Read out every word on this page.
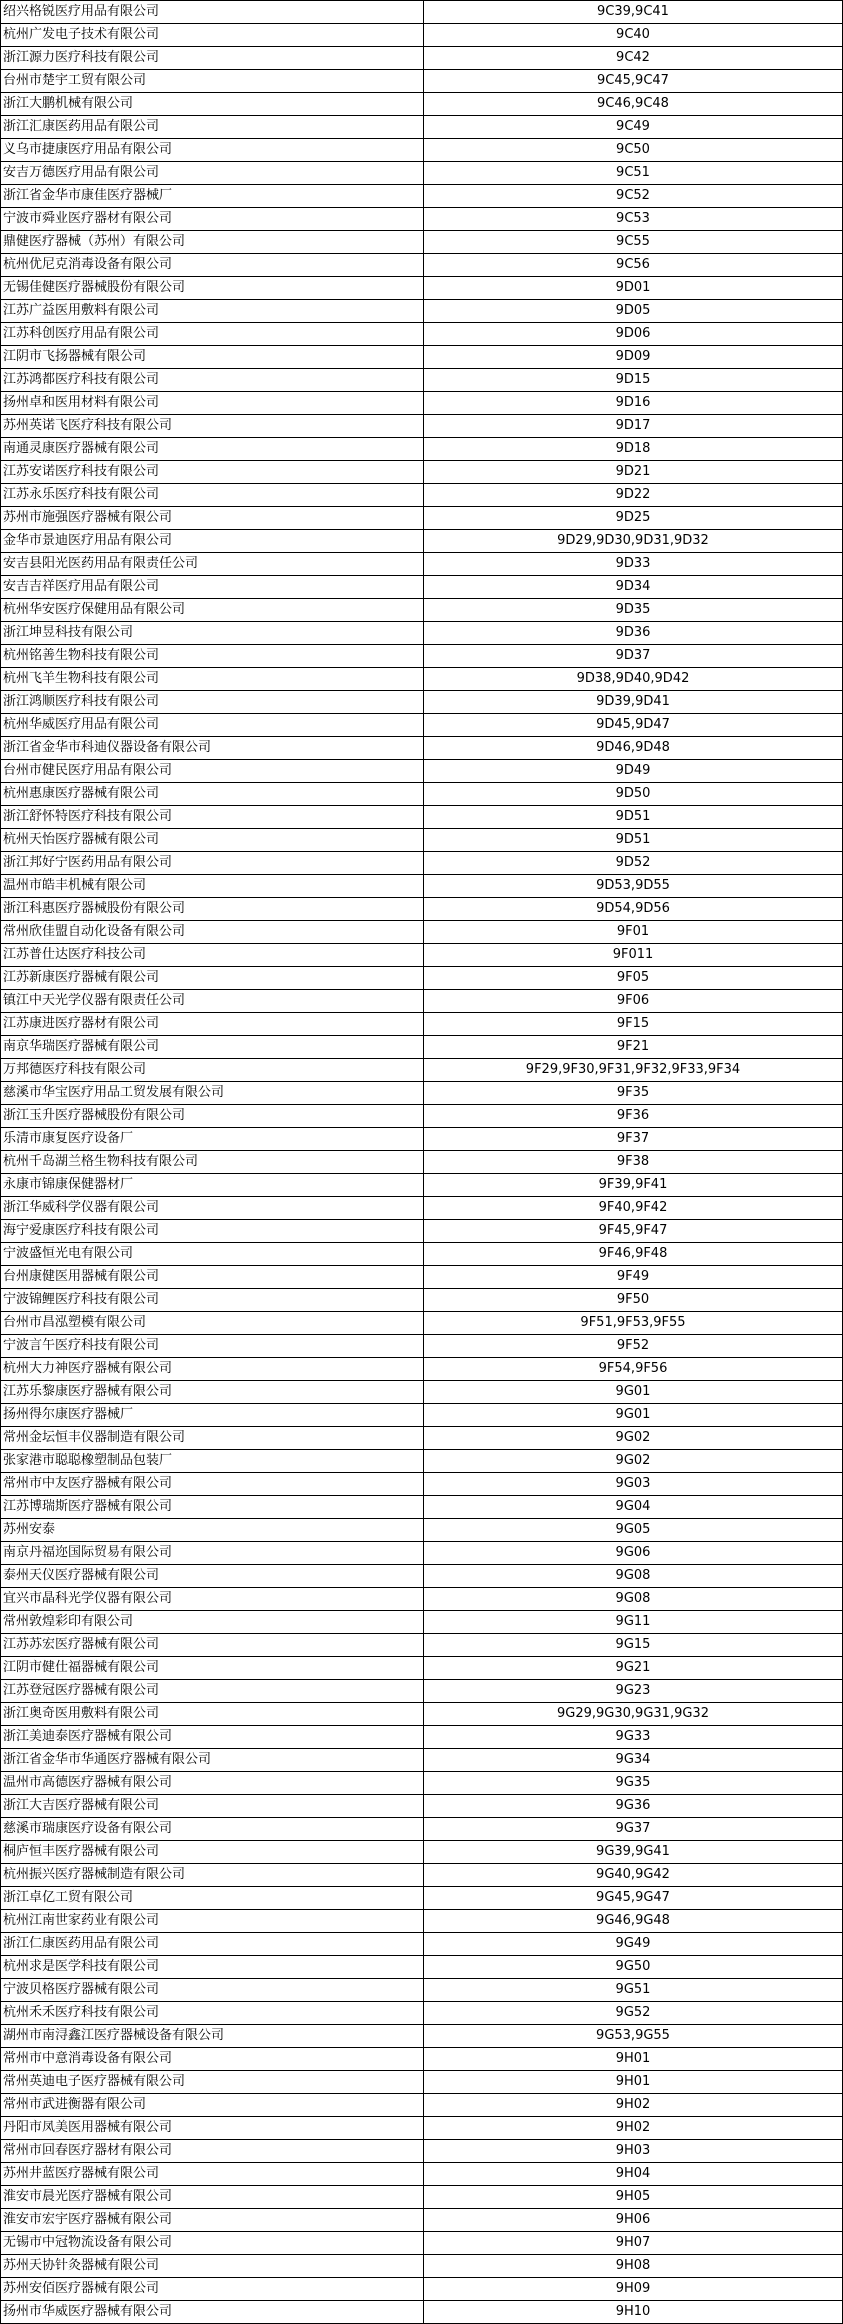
绍兴格锐医疗用品有限公司	9C39,9C41
杭州广发电子技术有限公司	9C40
浙江源力医疗科技有限公司	9C42
台州市楚宇工贸有限公司	9C45,9C47
浙江大鹏机械有限公司	9C46,9C48
浙江汇康医药用品有限公司	9C49
义乌市捷康医疗用品有限公司	9C50
安吉万德医疗用品有限公司	9C51
浙江省金华市康佳医疗器械厂	9C52
宁波市舜业医疗器材有限公司	9C53
鼎健医疗器械（苏州）有限公司	9C55
杭州优尼克消毒设备有限公司	9C56
无锡佳健医疗器械股份有限公司	9D01
江苏广益医用敷料有限公司	9D05
江苏科创医疗用品有限公司	9D06
江阴市飞扬器械有限公司	9D09
江苏鸿都医疗科技有限公司	9D15
扬州卓和医用材料有限公司	9D16
苏州英诺飞医疗科技有限公司	9D17
南通灵康医疗器械有限公司	9D18
江苏安诺医疗科技有限公司	9D21
江苏永乐医疗科技有限公司	9D22
苏州市施强医疗器械有限公司	9D25
金华市景迪医疗用品有限公司	9D29,9D30,9D31,9D32
安吉县阳光医药用品有限责任公司	9D33
安吉吉祥医疗用品有限公司	9D34
杭州华安医疗保健用品有限公司	9D35
浙江坤昱科技有限公司	9D36
杭州铭善生物科技有限公司	9D37
杭州飞羊生物科技有限公司	9D38,9D40,9D42
浙江鸿顺医疗科技有限公司	9D39,9D41
杭州华威医疗用品有限公司	9D45,9D47
浙江省金华市科迪仪器设备有限公司	9D46,9D48
台州市健民医疗用品有限公司	9D49
杭州惠康医疗器械有限公司	9D50
浙江舒怀特医疗科技有限公司	9D51
杭州天怡医疗器械有限公司	9D51
浙江邦好宁医药用品有限公司	9D52
温州市皓丰机械有限公司	9D53,9D55
浙江科惠医疗器械股份有限公司	9D54,9D56
常州欣佳盟自动化设备有限公司	9F01
江苏普仕达医疗科技公司	9F011
江苏新康医疗器械有限公司	9F05
镇江中天光学仪器有限责任公司	9F06
江苏康进医疗器材有限公司	9F15
南京华瑞医疗器械有限公司	9F21
万邦德医疗科技有限公司	9F29,9F30,9F31,9F32,9F33,9F34
慈溪市华宝医疗用品工贸发展有限公司	9F35
浙江玉升医疗器械股份有限公司	9F36
乐清市康复医疗设备厂	9F37
杭州千岛湖兰格生物科技有限公司	9F38
永康市锦康保健器材厂	9F39,9F41
浙江华威科学仪器有限公司	9F40,9F42
海宁爱康医疗科技有限公司	9F45,9F47
宁波盛恒光电有限公司	9F46,9F48
台州康健医用器械有限公司	9F49
宁波锦鲤医疗科技有限公司	9F50
台州市昌泓塑模有限公司	9F51,9F53,9F55
宁波言午医疗科技有限公司	9F52
杭州大力神医疗器械有限公司	9F54,9F56
江苏乐黎康医疗器械有限公司	9G01
扬州得尔康医疗器械厂	9G01
常州金坛恒丰仪器制造有限公司	9G02
张家港市聪聪橡塑制品包装厂	9G02
常州市中友医疗器械有限公司	9G03
江苏博瑞斯医疗器械有限公司	9G04
苏州安泰	9G05
南京丹福迩国际贸易有限公司	9G06
泰州天仪医疗器械有限公司	9G08
宜兴市晶科光学仪器有限公司	9G08
常州敦煌彩印有限公司	9G11
江苏苏宏医疗器械有限公司	9G15
江阴市健仕福器械有限公司	9G21
江苏登冠医疗器械有限公司	9G23
浙江奥奇医用敷料有限公司	9G29,9G30,9G31,9G32
浙江美迪泰医疗器械有限公司	9G33
浙江省金华市华通医疗器械有限公司	9G34
温州市高德医疗器械有限公司	9G35
浙江大吉医疗器械有限公司	9G36
慈溪市瑞康医疗设备有限公司	9G37
桐庐恒丰医疗器械有限公司	9G39,9G41
杭州振兴医疗器械制造有限公司	9G40,9G42
浙江卓亿工贸有限公司	9G45,9G47
杭州江南世家药业有限公司	9G46,9G48
浙江仁康医药用品有限公司	9G49
杭州求是医学科技有限公司	9G50
宁波贝格医疗器械有限公司	9G51
杭州禾禾医疗科技有限公司	9G52
湖州市南浔鑫江医疗器械设备有限公司	9G53,9G55
常州市中意消毒设备有限公司	9H01
常州英迪电子医疗器械有限公司	9H01
常州市武进衡器有限公司	9H02
丹阳市凤美医用器械有限公司	9H02
常州市回春医疗器材有限公司	9H03
苏州井蓝医疗器械有限公司	9H04
淮安市晨光医疗器械有限公司	9H05
淮安市宏宇医疗器械有限公司	9H06
无锡市中冠物流设备有限公司	9H07
苏州天协针灸器械有限公司	9H08
苏州安佰医疗器械有限公司	9H09
扬州市华威医疗器械有限公司	9H10
